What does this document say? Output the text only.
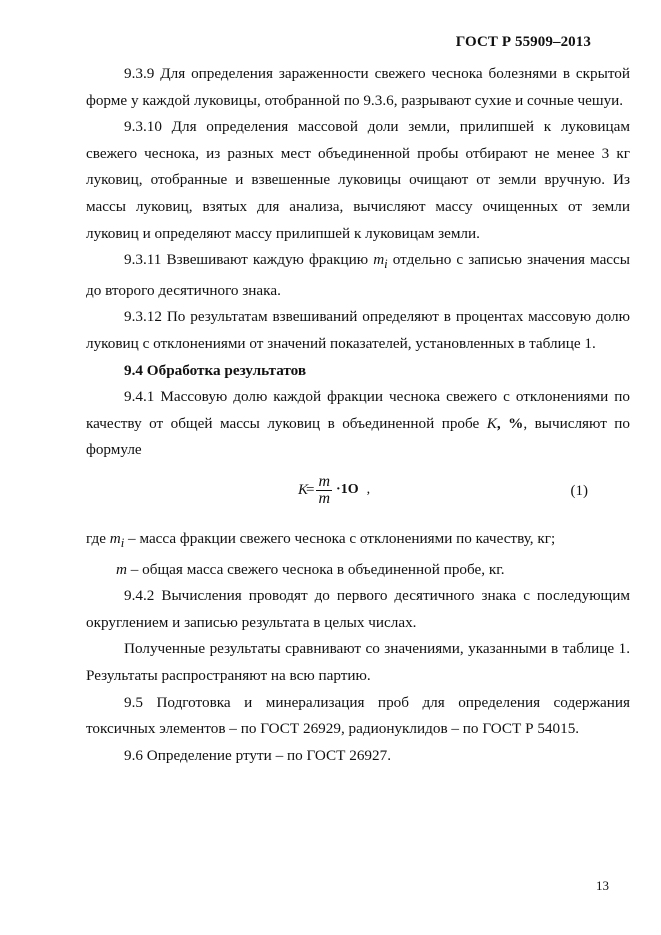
ГОСТ Р 55909–2013

9.3.9 Для определения зараженности свежего чеснока болезнями в скрытой форме у каждой луковицы, отобранной по 9.3.6, разрывают сухие и сочные чешуи.

9.3.10 Для определения массовой доли земли, прилипшей к луковицам свежего чеснока, из разных мест объединенной пробы отбирают не менее 3 кг луковиц, отобранные и взвешенные луковицы очищают от земли вручную. Из массы луковиц, взятых для анализа, вычисляют массу очищенных от земли луковиц и определяют массу прилипшей к луковицам земли.

9.3.11 Взвешивают каждую фракцию $m_i$ отдельно с записью значения массы до второго десятичного знака.

9.3.12 По результатам взвешиваний определяют в процентах массовую долю луковиц с отклонениями от значений показателей, установленных в таблице 1.

9.4 Обработка результатов

9.4.1 Массовую долю каждой фракции чеснока свежего с отклонениями по качеству от общей массы луковиц в объединенной пробе K, %, вычисляют по формуле

K
= $\frac{m}{m} \cdot 1O$ ,	(1)

где $m_i$ – масса фракции свежего чеснока с отклонениями по качеству, кг;

m – общая масса свежего чеснока в объединенной пробе, кг.

9.4.2 Вычисления проводят до первого десятичного знака с последующим округлением и записью результата в целых числах.

Полученные результаты сравнивают со значениями, указанными в таблице 1. Результаты распространяют на всю партию.

9.5 Подготовка и минерализация проб для определения содержания токсичных элементов – по ГОСТ 26929, радионуклидов – по ГОСТ Р 54015.

9.6 Определение ртути – по ГОСТ 26927.

13
